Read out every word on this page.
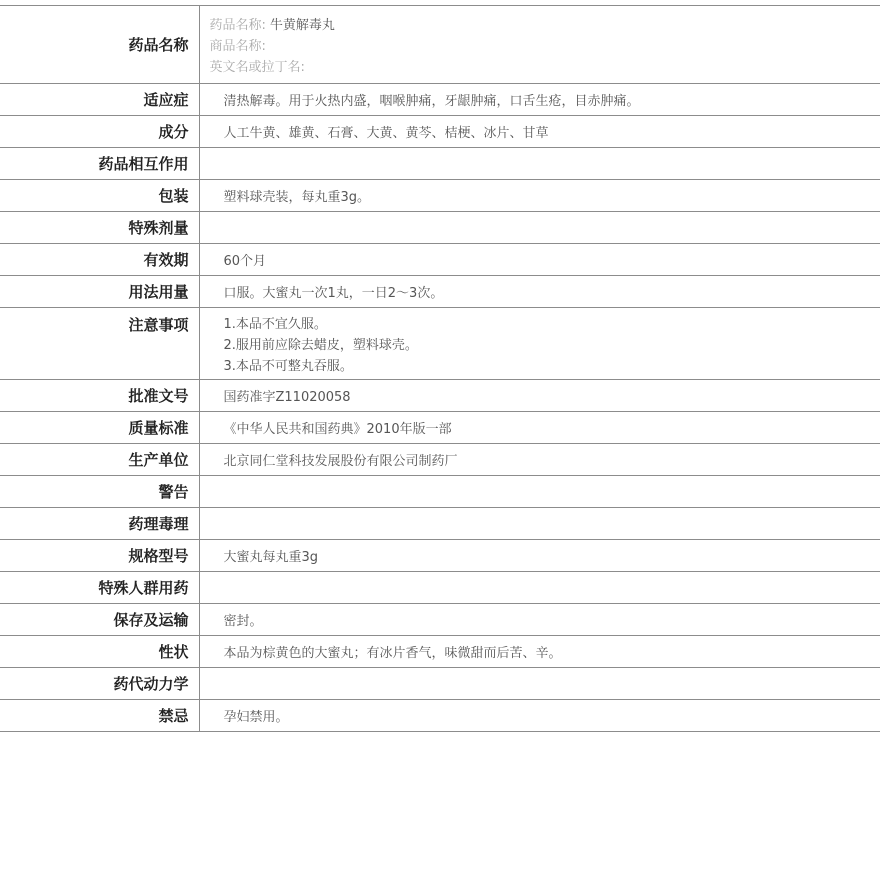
药品名称	药品名称: 牛黄解毒丸
商品名称:
英文名或拉丁名:

适应症	清热解毒。用于火热内盛，咽喉肿痛，牙龈肿痛，口舌生疮，目赤肿痛。
成分	人工牛黄、雄黄、石膏、大黄、黄芩、桔梗、冰片、甘草
药品相互作用	
包装	塑料球壳装，每丸重3g。
特殊剂量	
有效期	60个月
用法用量	口服。大蜜丸一次1丸，一日2～3次。
注意事项	1.本品不宜久服。
2.服用前应除去蜡皮，塑料球壳。
3.本品不可整丸吞服。

批准文号	国药准字Z11020058
质量标准	《中华人民共和国药典》2010年版一部
生产单位	北京同仁堂科技发展股份有限公司制药厂
警告	
药理毒理	
规格型号	大蜜丸每丸重3g
特殊人群用药	
保存及运输	密封。
性状	本品为棕黄色的大蜜丸；有冰片香气，味微甜而后苦、辛。
药代动力学	
禁忌	孕妇禁用。
